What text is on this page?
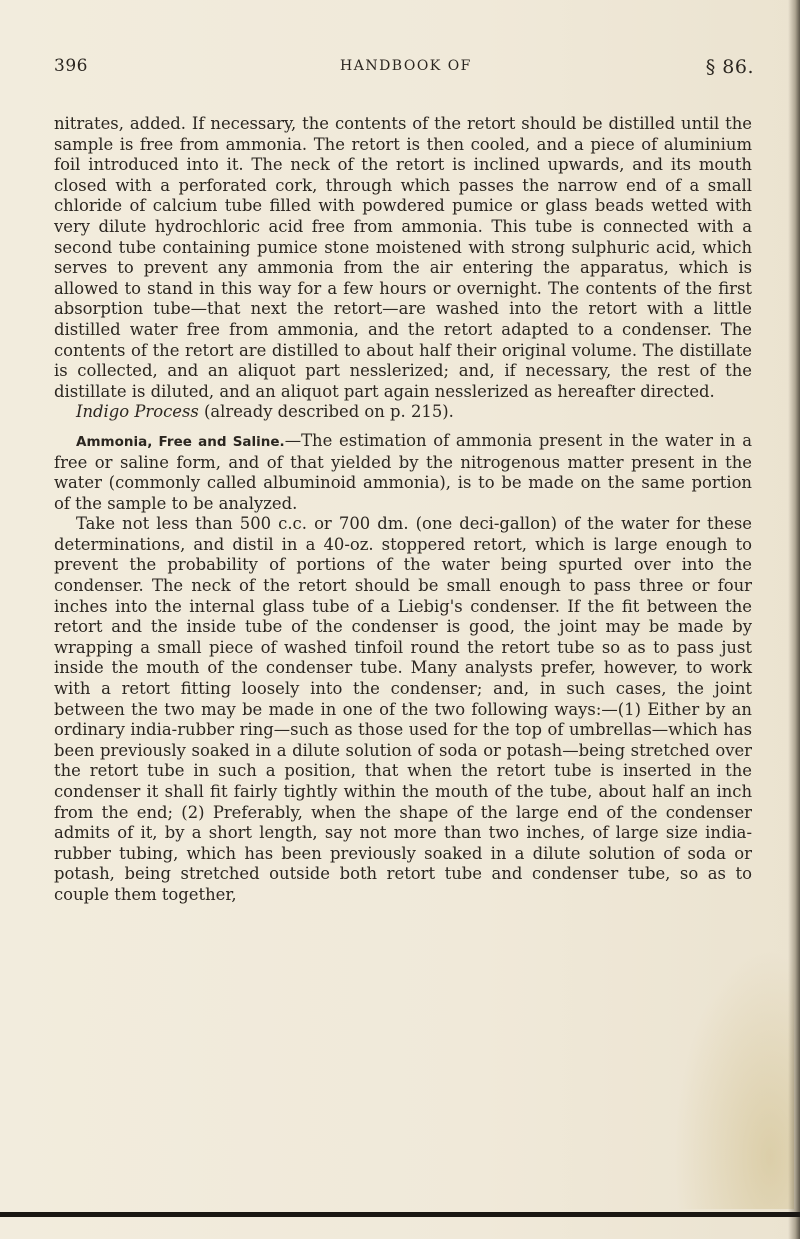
396	HANDBOOK OF	§ 86.

nitrates, added. If necessary, the contents of the retort should be distilled until the sample is free from ammonia. The retort is then cooled, and a piece of aluminium foil introduced into it. The neck of the retort is inclined upwards, and its mouth closed with a perforated cork, through which passes the narrow end of a small chloride of calcium tube filled with powdered pumice or glass beads wetted with very dilute hydrochloric acid free from ammonia. This tube is connected with a second tube containing pumice stone moistened with strong sulphuric acid, which serves to prevent any ammonia from the air entering the apparatus, which is allowed to stand in this way for a few hours or overnight. The contents of the first absorption tube—that next the retort—are washed into the retort with a little distilled water free from ammonia, and the retort adapted to a condenser. The contents of the retort are distilled to about half their original volume. The distillate is collected, and an aliquot part nesslerized; and, if necessary, the rest of the distillate is diluted, and an aliquot part again nesslerized as hereafter directed.

Indigo Process (already described on p. 215).

Ammonia, Free and Saline.—The estimation of ammonia present in the water in a free or saline form, and of that yielded by the nitrogenous matter present in the water (commonly called albuminoid ammonia), is to be made on the same portion of the sample to be analyzed.

Take not less than 500 c.c. or 700 dm. (one deci-gallon) of the water for these determinations, and distil in a 40-oz. stoppered retort, which is large enough to prevent the probability of portions of the water being spurted over into the condenser. The neck of the retort should be small enough to pass three or four inches into the internal glass tube of a Liebig's condenser. If the fit between the retort and the inside tube of the condenser is good, the joint may be made by wrapping a small piece of washed tinfoil round the retort tube so as to pass just inside the mouth of the condenser tube. Many analysts prefer, however, to work with a retort fitting loosely into the condenser; and, in such cases, the joint between the two may be made in one of the two following ways:—(1) Either by an ordinary india-rubber ring—such as those used for the top of umbrellas—which has been previously soaked in a dilute solution of soda or potash—being stretched over the retort tube in such a position, that when the retort tube is inserted in the condenser it shall fit fairly tightly within the mouth of the tube, about half an inch from the end; (2) Preferably, when the shape of the large end of the condenser admits of it, by a short length, say not more than two inches, of large size india-rubber tubing, which has been previously soaked in a dilute solution of soda or potash, being stretched outside both retort tube and condenser tube, so as to couple them together,
